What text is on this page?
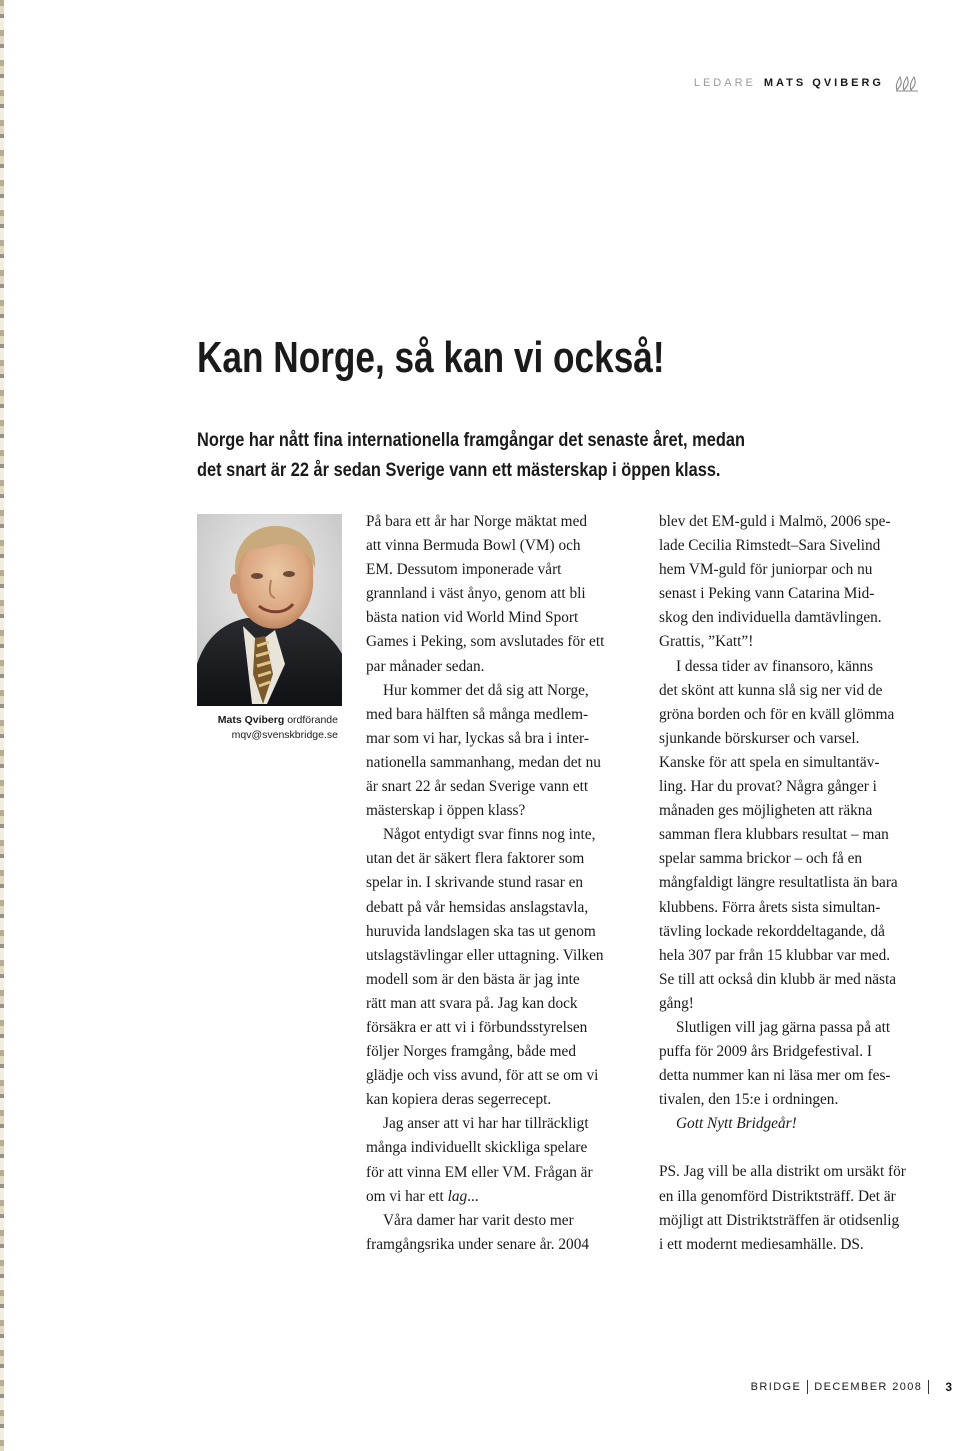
LEDARE MATS QVIBERG
Kan Norge, så kan vi också!

Norge har nått fina internationella framgångar det senaste året, medan
det snart är 22 år sedan Sverige vann ett mästerskap i öppen klass.

Mats Qviberg ordförande
mqv@svenskbridge.se

På bara ett år har Norge mäktat med
att vinna Bermuda Bowl (VM) och
EM. Dessutom imponerade vårt
grannland i väst ånyo, genom att bli
bästa nation vid World Mind Sport
Games i Peking, som avslutades för ett
par månader sedan.

Hur kommer det då sig att Norge,
med bara hälften så många medlem-
mar som vi har, lyckas så bra i inter-
nationella sammanhang, medan det nu
är snart 22 år sedan Sverige vann ett
mästerskap i öppen klass?

Något entydigt svar finns nog inte,
utan det är säkert flera faktorer som
spelar in. I skrivande stund rasar en
debatt på vår hemsidas anslagstavla,
huruvida landslagen ska tas ut genom
utslagstävlingar eller uttagning. Vilken
modell som är den bästa är jag inte
rätt man att svara på. Jag kan dock
försäkra er att vi i förbundsstyrelsen
följer Norges framgång, både med
glädje och viss avund, för att se om vi
kan kopiera deras segerrecept.

Jag anser att vi har har tillräckligt
många individuellt skickliga spelare
för att vinna EM eller VM. Frågan är
om vi har ett lag...

Våra damer har varit desto mer
framgångsrika under senare år. 2004

blev det EM-guld i Malmö, 2006 spe-
lade Cecilia Rimstedt–Sara Sivelind
hem VM-guld för juniorpar och nu
senast i Peking vann Catarina Mid-
skog den individuella damtävlingen.
Grattis, ”Katt”!

I dessa tider av finansoro, känns
det skönt att kunna slå sig ner vid de
gröna borden och för en kväll glömma
sjunkande börskurser och varsel.
Kanske för att spela en simultantäv-
ling. Har du provat? Några gånger i
månaden ges möjligheten att räkna
samman flera klubbars resultat – man
spelar samma brickor – och få en
mångfaldigt längre resultatlista än bara
klubbens. Förra årets sista simultan-
tävling lockade rekorddeltagande, då
hela 307 par från 15 klubbar var med.
Se till att också din klubb är med nästa
gång!

Slutligen vill jag gärna passa på att
puffa för 2009 års Bridgefestival. I
detta nummer kan ni läsa mer om fes-
tivalen, den 15:e i ordningen.

Gott Nytt Bridgeår!

PS. Jag vill be alla distrikt om ursäkt för
en illa genomförd Distriktsträff. Det är
möjligt att Distriktsträffen är otidsenlig
i ett modernt mediesamhälle. DS.

BRIDGE DECEMBER 2008 3
